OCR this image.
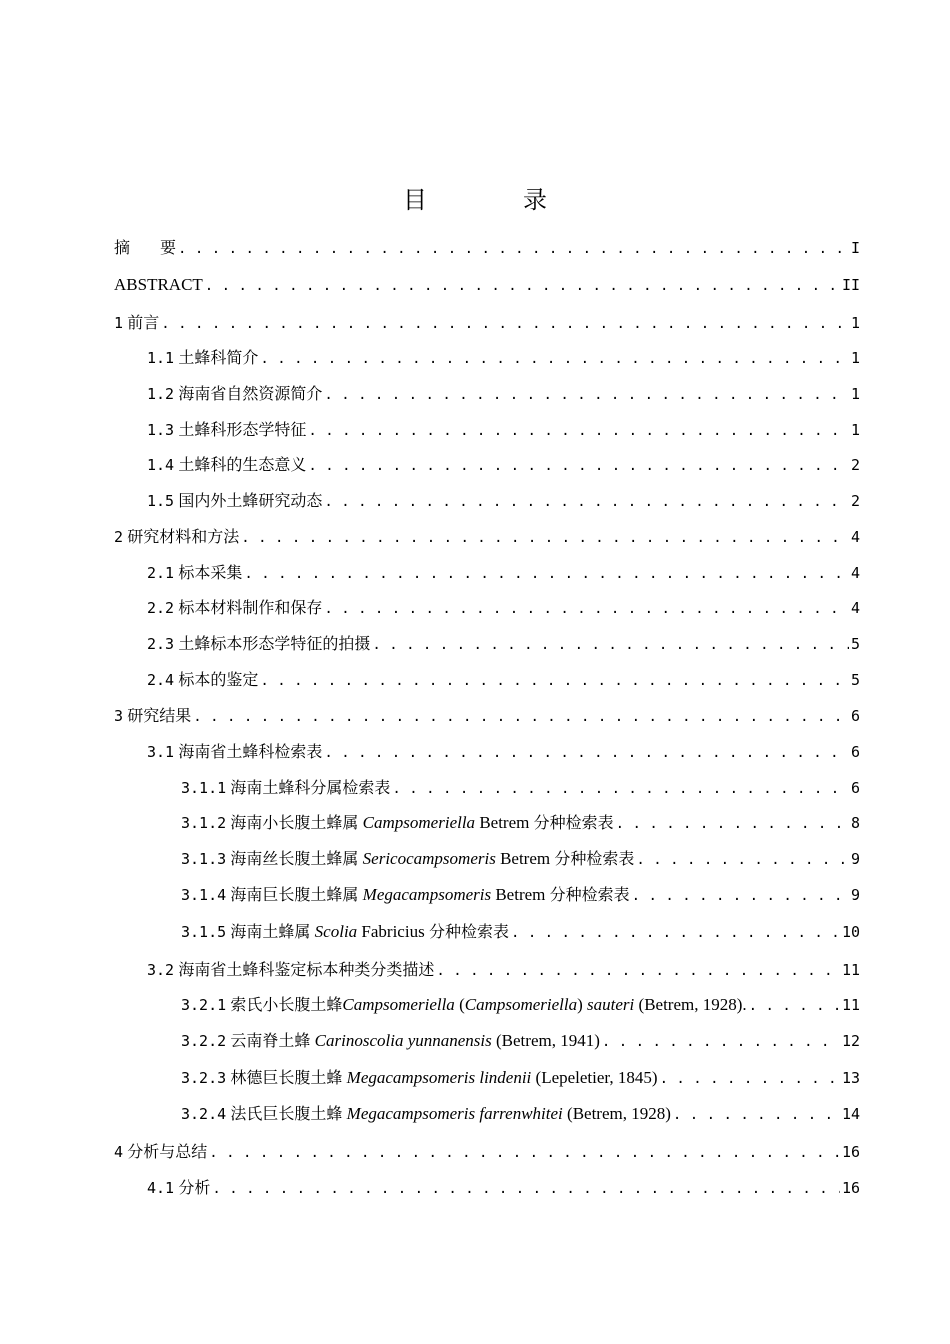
目　录
摘 要 . . .	I
ABSTRACT . . .	II
1 前言 . . .	1
1.1 土蜂科简介 . . .	1
1.2 海南省自然资源简介 . . .	1
1.3 土蜂科形态学特征 . . .	1
1.4 土蜂科的生态意义 . . .	2
1.5 国内外土蜂研究动态 . . .	2
2 研究材料和方法 . . .	4
2.1 标本采集 . . .	4
2.2 标本材料制作和保存 . . .	4
2.3 土蜂标本形态学特征的拍摄 . . .	5
2.4 标本的鉴定 . . .	5
3 研究结果 . . .	6
3.1 海南省土蜂科检索表 . . .	6
3.1.1 海南土蜂科分属检索表 . . .	6
3.1.2 海南小长腹土蜂属 Campsomeriella Betrem 分种检索表 . . .	8
3.1.3 海南丝长腹土蜂属 Sericocampsomeris Betrem 分种检索表 . . .	9
3.1.4 海南巨长腹土蜂属 Megacampsomeris Betrem 分种检索表 . . .	9
3.1.5 海南土蜂属 Scolia Fabricius 分种检索表 . . .	10
3.2 海南省土蜂科鉴定标本种类分类描述 . . .	11
3.2.1 索氏小长腹土蜂Campsomeriella (Campsomeriella) sauteri (Betrem, 1928). . . .	11
3.2.2 云南脊土蜂 Carinoscolia yunnanensis (Betrem, 1941) . . .	12
3.2.3 林德巨长腹土蜂 Megacampsomeris lindenii (Lepeletier, 1845) . . .	13
3.2.4 法氏巨长腹土蜂 Megacampsomeris farrenwhitei (Betrem, 1928) . . .	14
4 分析与总结 . . .	16
4.1 分析 . . .	16
